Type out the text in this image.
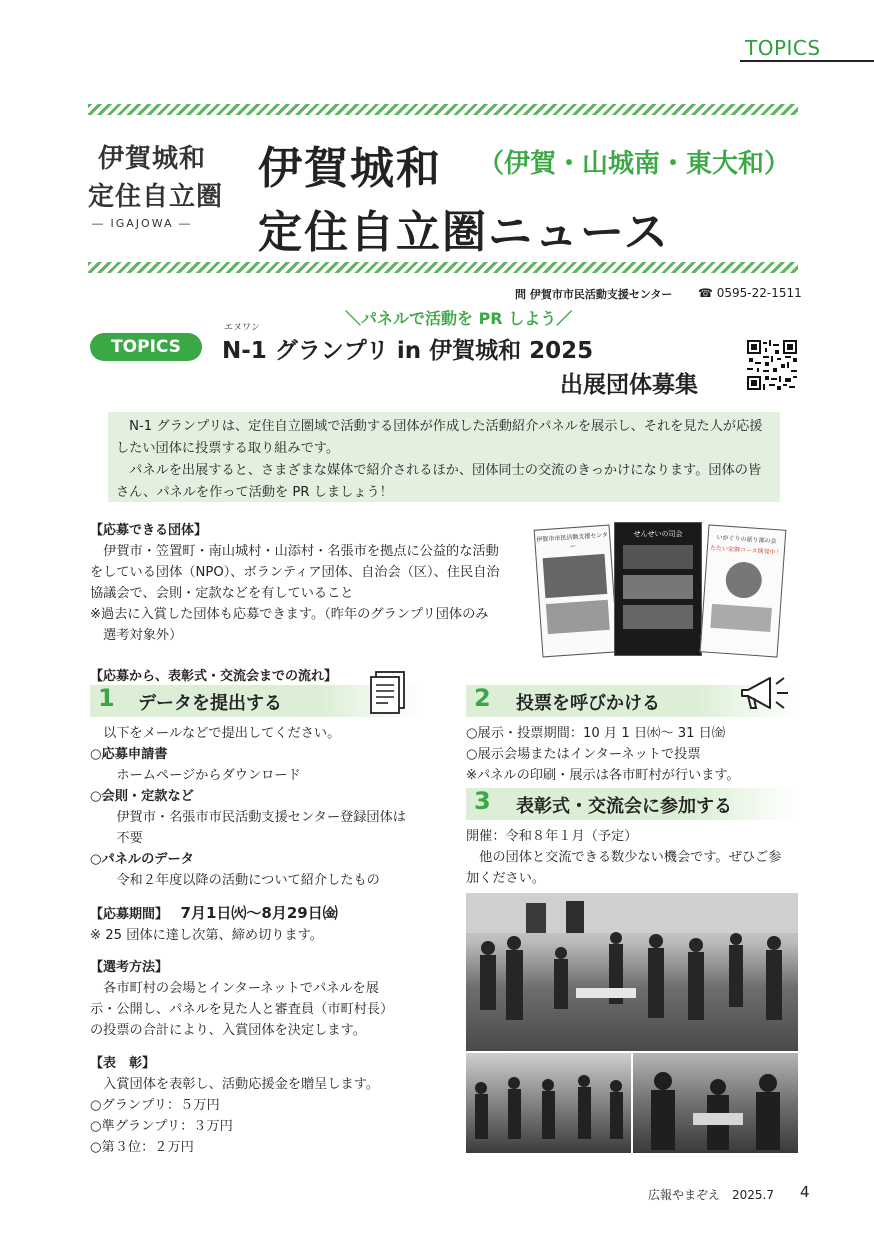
TOPICS
伊賀城和
定住自立圏
― IGAJOWA ―
伊賀城和 （伊賀・山城南・東大和）
定住自立圏ニュース
問 伊賀市市民活動支援センター ☎ 0595-22-1511
TOPICS
エヌワン	＼パネルで活動を PR しよう／
N-1 グランプリ in 伊賀城和 2025
出展団体募集

　N-1 グランプリは、定住自立圏域で活動する団体が作成した活動紹介パネルを展示し、それを見た人が応援したい団体に投票する取り組みです。

　パネルを出展すると、さまざまな媒体で紹介されるほか、団体同士の交流のきっかけになります。団体の皆さん、パネルを作って活動を PR しましょう！

【応募できる団体】
　伊賀市・笠置町・南山城村・山添村・名張市を拠点に公益的な活動
をしている団体（NPO）、ボランティア団体、自治会（区）、住民自治
協議会で、会則・定款などを有していること
※過去に入賞した団体も応募できます。（昨年のグランプリ団体のみ
　選考対象外）
伊賀市市民活動支援センター
せんせいの司会
いがぐりの話り部の会
たたい家御コース開発中！
【応募から、表彰式・交流会までの流れ】
1 データを提出する
　以下をメールなどで提出してください。
○応募申請書
　　ホームページからダウンロード
○会則・定款など
　　伊賀市・名張市市民活動支援センター登録団体は
　　不要
○パネルのデータ
　　令和２年度以降の活動について紹介したもの
【応募期間】 7月1日㈫～8月29日㈮
※ 25 団体に達し次第、締め切ります。
【選考方法】
　各市町村の会場とインターネットでパネルを展
示・公開し、パネルを見た人と審査員（市町村長）
の投票の合計により、入賞団体を決定します。
【表　彰】
　入賞団体を表彰し、活動応援金を贈呈します。
○グランプリ：５万円
○準グランプリ：３万円
○第３位：２万円
2 投票を呼びかける
○展示・投票期間：10 月 1 日㈬～ 31 日㈮
○展示会場またはインターネットで投票
※パネルの印刷・展示は各市町村が行います。
3 表彰式・交流会に参加する
開催：令和８年１月（予定）
　他の団体と交流できる数少ない機会です。ぜひご参
加ください。
広報やまぞえ　2025.7 4
